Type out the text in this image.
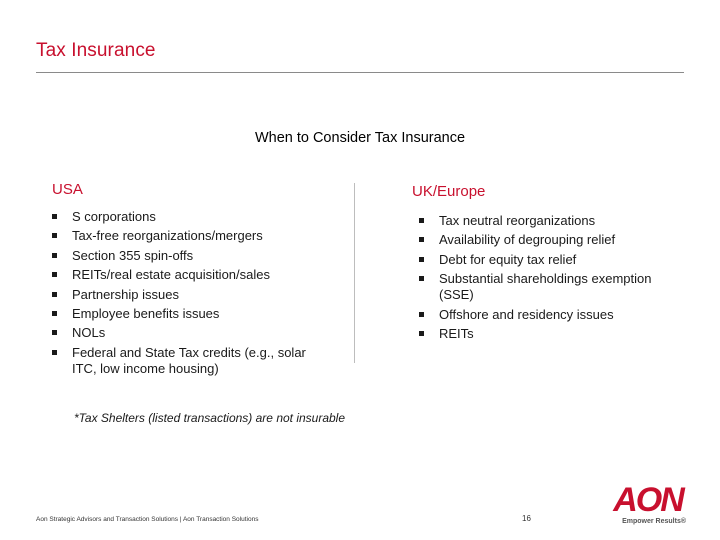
Tax Insurance
When to Consider Tax Insurance
USA	UK/Europe
S corporations
Tax-free reorganizations/mergers
Section 355 spin-offs
REITs/real estate acquisition/sales
Partnership issues
Employee benefits issues
NOLs
Federal and State Tax credits (e.g., solar ITC, low income housing)
Tax neutral reorganizations
Availability of degrouping relief
Debt for equity tax relief
Substantial shareholdings exemption (SSE)
Offshore and residency issues
REITs
*Tax Shelters (listed transactions) are not insurable
Aon Strategic Advisors and Transaction Solutions | Aon Transaction Solutions	16 AON
Empower Results®
